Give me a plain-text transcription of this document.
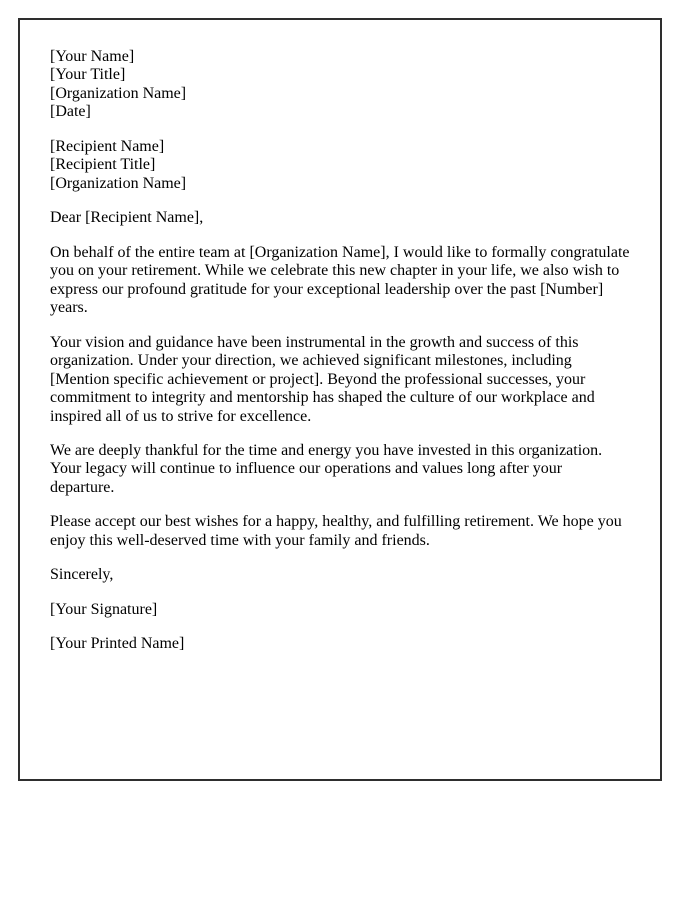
[Your Name]
[Your Title]
[Organization Name]
[Date]
[Recipient Name]
[Recipient Title]
[Organization Name]

Dear [Recipient Name],

On behalf of the entire team at [Organization Name], I would like to formally congratulate you on your retirement. While we celebrate this new chapter in your life, we also wish to express our profound gratitude for your exceptional leadership over the past [Number] years.

Your vision and guidance have been instrumental in the growth and success of this organization. Under your direction, we achieved significant milestones, including [Mention specific achievement or project]. Beyond the professional successes, your commitment to integrity and mentorship has shaped the culture of our workplace and inspired all of us to strive for excellence.

We are deeply thankful for the time and energy you have invested in this organization. Your legacy will continue to influence our operations and values long after your departure.

Please accept our best wishes for a happy, healthy, and fulfilling retirement. We hope you enjoy this well-deserved time with your family and friends.

Sincerely,

[Your Signature]

[Your Printed Name]
